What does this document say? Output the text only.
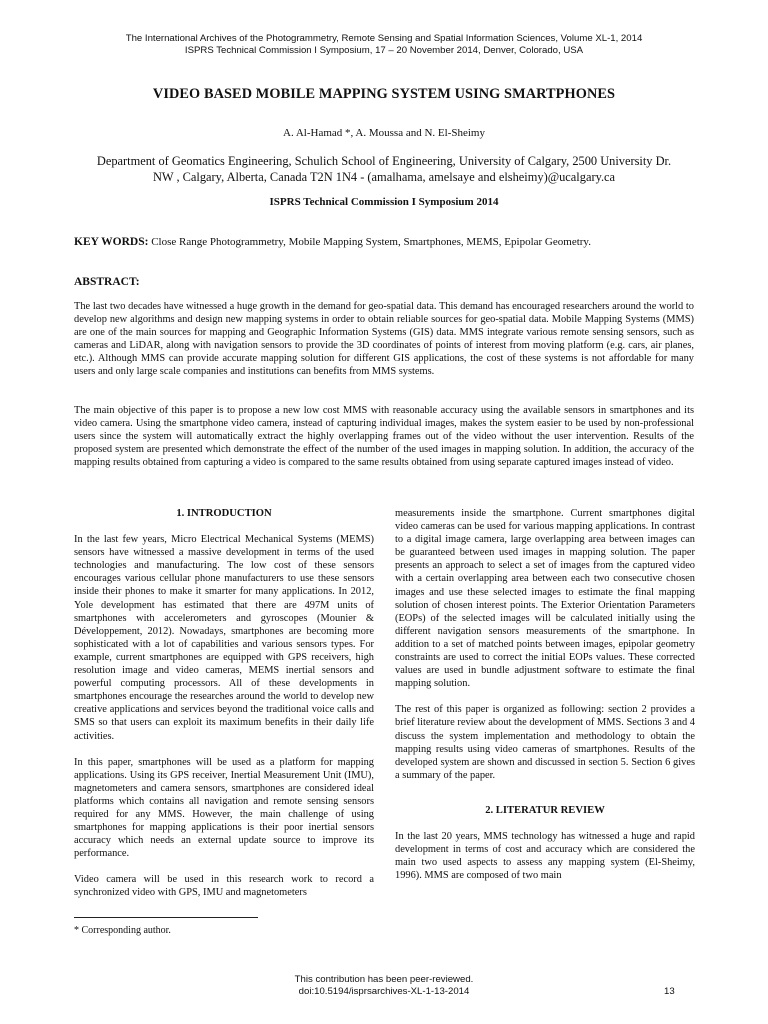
The International Archives of the Photogrammetry, Remote Sensing and Spatial Information Sciences, Volume XL-1, 2014
ISPRS Technical Commission I Symposium, 17 – 20 November 2014, Denver, Colorado, USA
VIDEO BASED MOBILE MAPPING SYSTEM USING SMARTPHONES
A. Al-Hamad *, A. Moussa and N. El-Sheimy
Department of Geomatics Engineering, Schulich School of Engineering, University of Calgary, 2500 University Dr.
NW , Calgary, Alberta, Canada T2N 1N4 - (amalhama, amelsaye and elsheimy)@ucalgary.ca
ISPRS Technical Commission I Symposium 2014
KEY WORDS: Close Range Photogrammetry, Mobile Mapping System, Smartphones, MEMS, Epipolar Geometry.
ABSTRACT:

The last two decades have witnessed a huge growth in the demand for geo-spatial data. This demand has encouraged researchers around the world to develop new algorithms and design new mapping systems in order to obtain reliable sources for geo-spatial data. Mobile Mapping Systems (MMS) are one of the main sources for mapping and Geographic Information Systems (GIS) data. MMS integrate various remote sensing sensors, such as cameras and LiDAR, along with navigation sensors to provide the 3D coordinates of points of interest from moving platform (e.g. cars, air planes, etc.). Although MMS can provide accurate mapping solution for different GIS applications, the cost of these systems is not affordable for many users and only large scale companies and institutions can benefits from MMS systems.

The main objective of this paper is to propose a new low cost MMS with reasonable accuracy using the available sensors in smartphones and its video camera. Using the smartphone video camera, instead of capturing individual images, makes the system easier to be used by non-professional users since the system will automatically extract the highly overlapping frames out of the video without the user intervention. Results of the proposed system are presented which demonstrate the effect of the number of the used images in mapping solution. In addition, the accuracy of the mapping results obtained from capturing a video is compared to the same results obtained from using separate captured images instead of video.

1. INTRODUCTION

In the last few years, Micro Electrical Mechanical Systems (MEMS) sensors have witnessed a massive development in terms of the used technologies and manufacturing. The low cost of these sensors encourages various cellular phone manufacturers to use these sensors inside their phones to make it smarter for many applications. In 2012, Yole development has estimated that there are 497M units of smartphones with accelerometers and gyroscopes (Mounier & Développement, 2012). Nowadays, smartphones are becoming more sophisticated with a lot of capabilities and various sensors types. For example, current smartphones are equipped with GPS receivers, high resolution image and video cameras, MEMS inertial sensors and powerful computing processors. All of these developments in smartphones encourage the researches around the world to develop new creative applications and services beyond the traditional voice calls and SMS so that users can exploit its maximum benefits in their daily life activities.

In this paper, smartphones will be used as a platform for mapping applications. Using its GPS receiver, Inertial Measurement Unit (IMU), magnetometers and camera sensors, smartphones are considered ideal platforms which contains all navigation and remote sensing sensors required for any MMS. However, the main challenge of using smartphones for mapping applications is their poor inertial sensors accuracy which needs an external update source to improve its performance.

Video camera will be used in this research work to record a synchronized video with GPS, IMU and magnetometers

measurements inside the smartphone. Current smartphones digital video cameras can be used for various mapping applications. In contrast to a digital image camera, large overlapping area between images can be guaranteed between used images in mapping solution. The paper presents an approach to select a set of images from the captured video with a certain overlapping area between each two consecutive chosen images and use these selected images to estimate the final mapping solution of chosen interest points. The Exterior Orientation Parameters (EOPs) of the selected images will be calculated initially using the different navigation sensors measurements of the smartphone. In addition to a set of matched points between images, epipolar geometry constraints are used to correct the initial EOPs values. These corrected values are used in bundle adjustment software to estimate the final mapping solution.

The rest of this paper is organized as following: section 2 provides a brief literature review about the development of MMS. Sections 3 and 4 discuss the system implementation and methodology to obtain the mapping results using video cameras of smartphones. Results of the developed system are shown and discussed in section 5. Section 6 gives a summary of the paper.

2. LITERATUR REVIEW

In the last 20 years, MMS technology has witnessed a huge and rapid development in terms of cost and accuracy which are considered the main two used aspects to assess any mapping system (El-Sheimy, 1996). MMS are composed of two main

* Corresponding author.
This contribution has been peer-reviewed.
doi:10.5194/isprsarchives-XL-1-13-2014	13
